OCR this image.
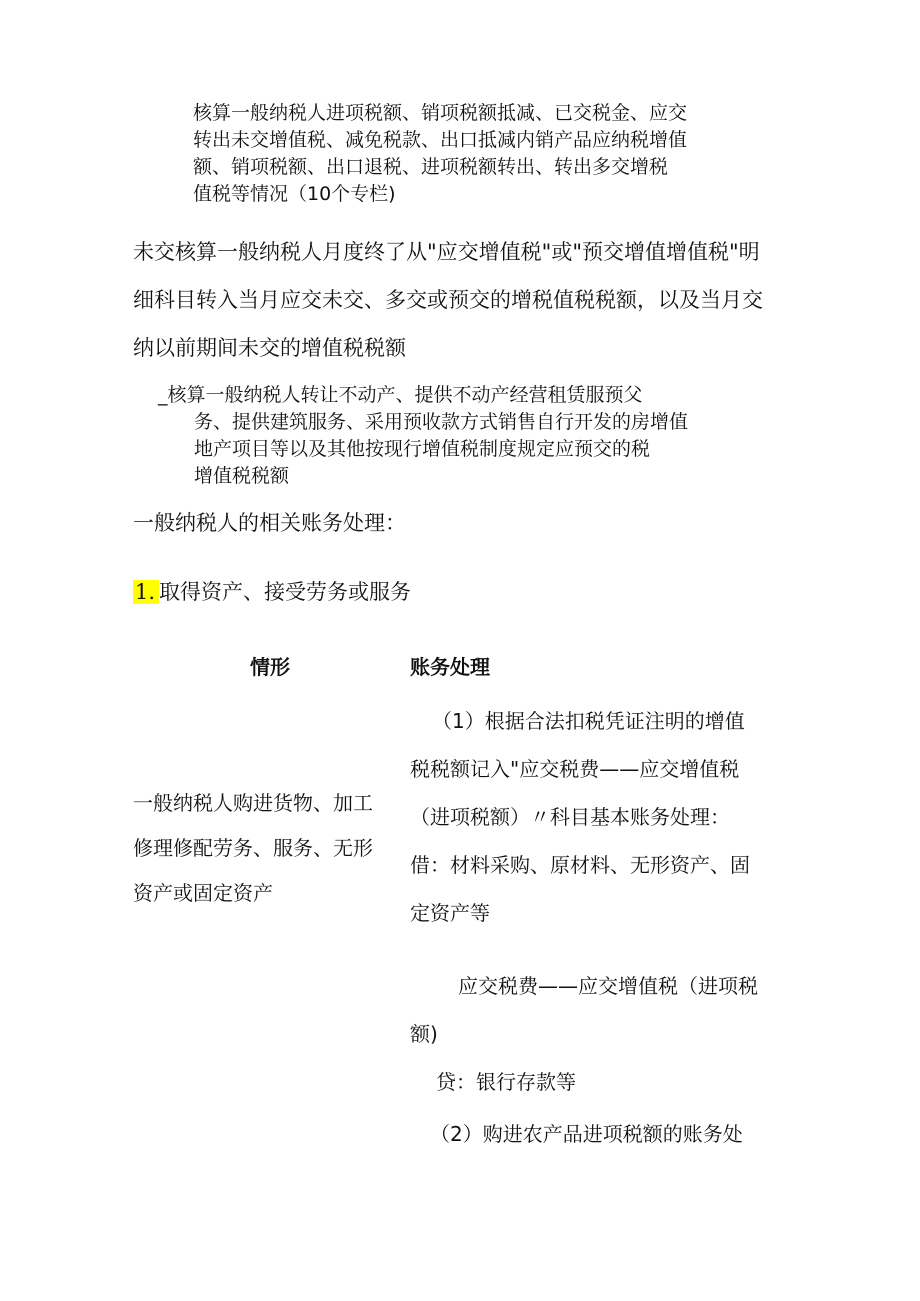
核算一般纳税人进项税额、销项税额抵减、已交税金、应交
转出未交增值税、减免税款、出口抵减内销产品应纳税增值
额、销项税额、出口退税、进项税额转出、转出多交增税
值税等情况（10个专栏)
未交核算一般纳税人月度终了从"应交增值税"或"预交增值增值税"明
细科目转入当月应交未交、多交或预交的增税值税税额，以及当月交
纳以前期间未交的增值税税额
_核算一般纳税人转让不动产、提供不动产经营租赁服预父
务、提供建筑服务、采用预收款方式销售自行开发的房增值
地产项目等以及其他按现行增值税制度规定应预交的税
增值税税额

一般纳税人的相关账务处理：

1. 取得资产、接受劳务或服务

情形	账务处理
一般纳税人购进货物、加工
修理修配劳务、服务、无形
资产或固定资产
（1）根据合法扣税凭证注明的增值
税税额记入"应交税费——应交增值税
（进项税额）〃科目基本账务处理：
借：材料采购、原材料、无形资产、固
定资产等
应交税费——应交增值税（进项税
额)
贷：银行存款等
（2）购进农产品进项税额的账务处
